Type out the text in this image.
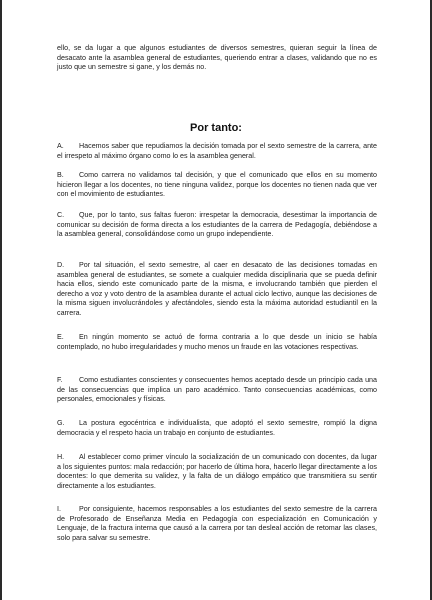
ello, se da lugar a que algunos estudiantes de diversos semestres, quieran seguir la línea de desacato ante la asamblea general de estudiantes, queriendo entrar a clases, validando que no es justo que un semestre si gane, y los demás no.

Por tanto:

A. Hacemos saber que repudiamos la decisión tomada por el sexto semestre de la carrera, ante el irrespeto al máximo órgano como lo es la asamblea general.

B. Como carrera no validamos tal decisión, y que el comunicado que ellos en su momento hicieron llegar a los docentes, no tiene ninguna validez, porque los docentes no tienen nada que ver con el movimiento de estudiantes.

C. Que, por lo tanto, sus faltas fueron: irrespetar la democracia, desestimar la importancia de comunicar su decisión de forma directa a los estudiantes de la carrera de Pedagogía, debiéndose a la asamblea general, consolidándose como un grupo independiente.

D. Por tal situación, el sexto semestre, al caer en desacato de las decisiones tomadas en asamblea general de estudiantes, se somete a cualquier medida disciplinaria que se pueda definir hacia ellos, siendo este comunicado parte de la misma, e involucrando también que pierden el derecho a voz y voto dentro de la asamblea durante el actual ciclo lectivo, aunque las decisiones de la misma siguen involucrándoles y afectándoles, siendo esta la máxima autoridad estudiantil en la carrera.

E. En ningún momento se actuó de forma contraria a lo que desde un inicio se había contemplado, no hubo irregularidades y mucho menos un fraude en las votaciones respectivas.

F. Como estudiantes conscientes y consecuentes hemos aceptado desde un principio cada una de las consecuencias que implica un paro académico. Tanto consecuencias académicas, como personales, emocionales y físicas.

G. La postura egocéntrica e individualista, que adoptó el sexto semestre, rompió la digna democracia y el respeto hacia un trabajo en conjunto de estudiantes.

H. Al establecer como primer vínculo la socialización de un comunicado con docentes, da lugar a los siguientes puntos: mala redacción; por hacerlo de última hora, hacerlo llegar directamente a los docentes: lo que demerita su validez, y la falta de un diálogo empático que transmitiera su sentir directamente a los estudiantes.

I.	Por consiguiente, hacemos responsables a los estudiantes del sexto semestre de la carrera de Profesorado de Enseñanza Media en Pedagogía con especialización en Comunicación y Lenguaje, de la fractura interna que causó a la carrera por tan desleal acción de retomar las clases, solo para salvar su semestre.
